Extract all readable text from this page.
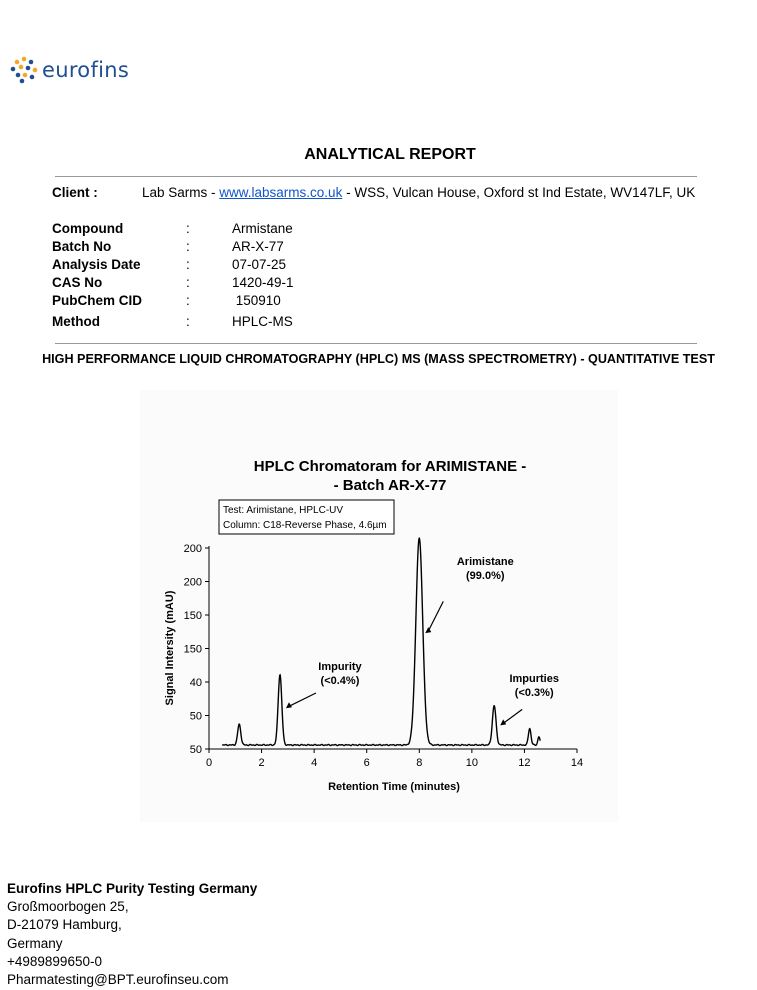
eurofins
ANALYTICAL REPORT
Client :	Lab Sarms - www.labsarms.co.uk - WSS, Vulcan House, Oxford st Ind Estate, WV147LF, UK
Compound	:	Armistane
Batch No	:	AR-X-77
Analysis Date	:	07-07-25
CAS No	:	1420-49-1
PubChem CID	:	150910
Method	:	HPLC-MS
HIGH PERFORMANCE LIQUID CHROMATOGRAPHY (HPLC) MS (MASS SPECTROMETRY) - QUANTITATIVE TEST
HPLC Chromatoram for ARIMISTANE -
- Batch AR-X-77
Test: Arimistane, HPLC-UV
Column: C18-Reverse Phase, 4.6µm
Signal Intersity (mAU)
Retention Time (minutes)
0	2	4	6	8	10	12	14
50
50
40
150
150
200
200
Impurity
(<0.4%)
Arimistane
(99.0%)
Impurties
(<0.3%)
Eurofins HPLC Purity Testing Germany
Großmoorbogen 25,
D-21079 Hamburg,
Germany
+4989899650-0
Pharmatesting@BPT.eurofinseu.com
